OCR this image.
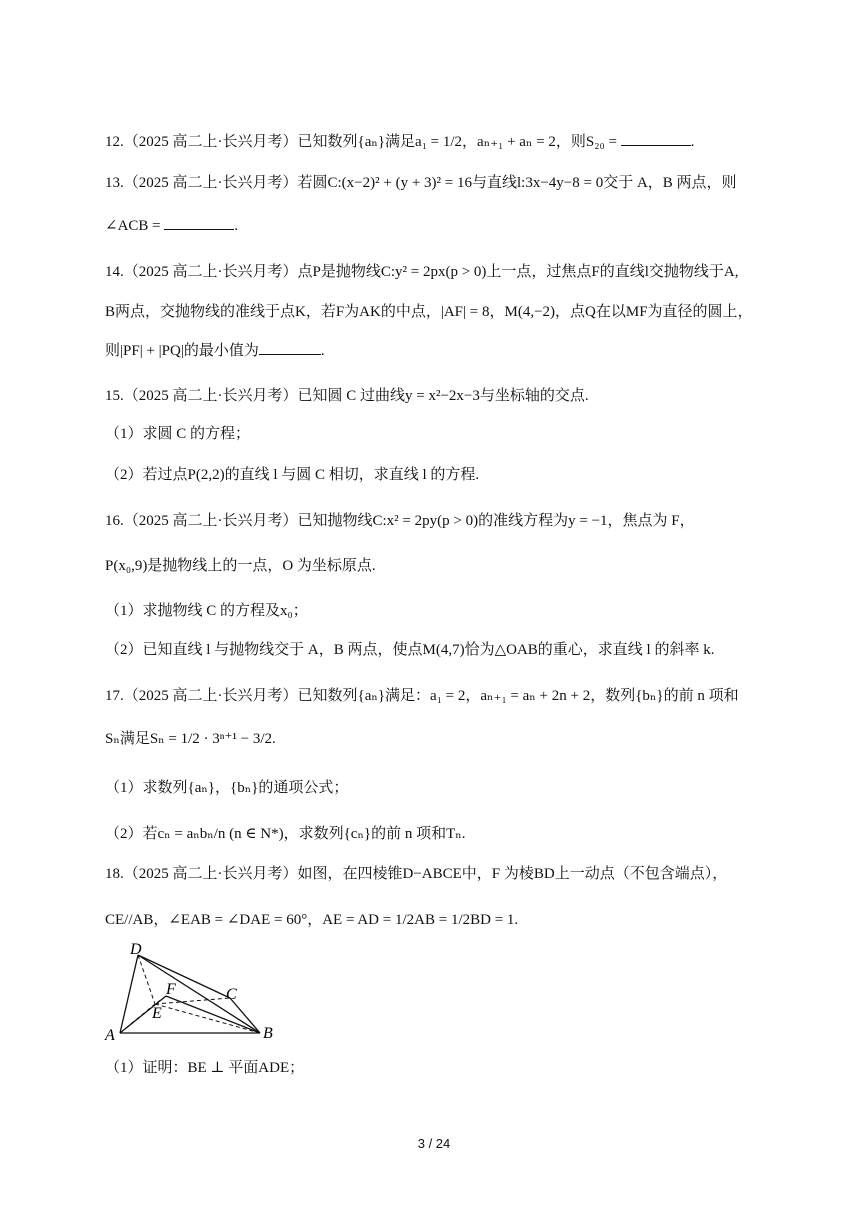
12.（2025 高二上·长兴月考）已知数列{aₙ}满足a₁ = 1/2，aₙ₊₁ + aₙ = 2，则S₂₀ =	.
13.（2025 高二上·长兴月考）若圆C:(x−2)² + (y + 3)² = 16与直线l:3x−4y−8 = 0交于 A，B 两点，则
∠ACB =	.
14.（2025 高二上·长兴月考）点P是抛物线C:y² = 2px(p > 0)上一点，过焦点F的直线l交抛物线于A,
B两点，交抛物线的准线于点K，若F为AK的中点，|AF| = 8，M(4,−2)，点Q在以MF为直径的圆上，
则|PF| + |PQ|的最小值为	.
15.（2025 高二上·长兴月考）已知圆 C 过曲线y = x²−2x−3与坐标轴的交点.
（1）求圆 C 的方程；
（2）若过点P(2,2)的直线 l 与圆 C 相切，求直线 l 的方程.
16.（2025 高二上·长兴月考）已知抛物线C:x² = 2py(p > 0)的准线方程为y = −1，焦点为 F，
P(x₀,9)是抛物线上的一点，O 为坐标原点.
（1）求抛物线 C 的方程及x₀；
（2）已知直线 l 与抛物线交于 A，B 两点，使点M(4,7)恰为△OAB的重心，求直线 l 的斜率 k.
17.（2025 高二上·长兴月考）已知数列{aₙ}满足：a₁ = 2，aₙ₊₁ = aₙ + 2n + 2，数列{bₙ}的前 n 项和
Sₙ满足Sₙ = 1/2 · 3ⁿ⁺¹ − 3/2.
（1）求数列{aₙ}，{bₙ}的通项公式；
（2）若cₙ = aₙbₙ/n (n ∈ N*)，求数列{cₙ}的前 n 项和Tₙ.
18.（2025 高二上·长兴月考）如图，在四棱锥D−ABCE中，F 为棱BD上一动点（不包含端点），
CE//AB，∠EAB = ∠DAE = 60°，AE = AD = 1/2AB = 1/2BD = 1.
D
F	C
E
A	B
（1）证明：BE ⊥ 平面ADE；
3 / 24
